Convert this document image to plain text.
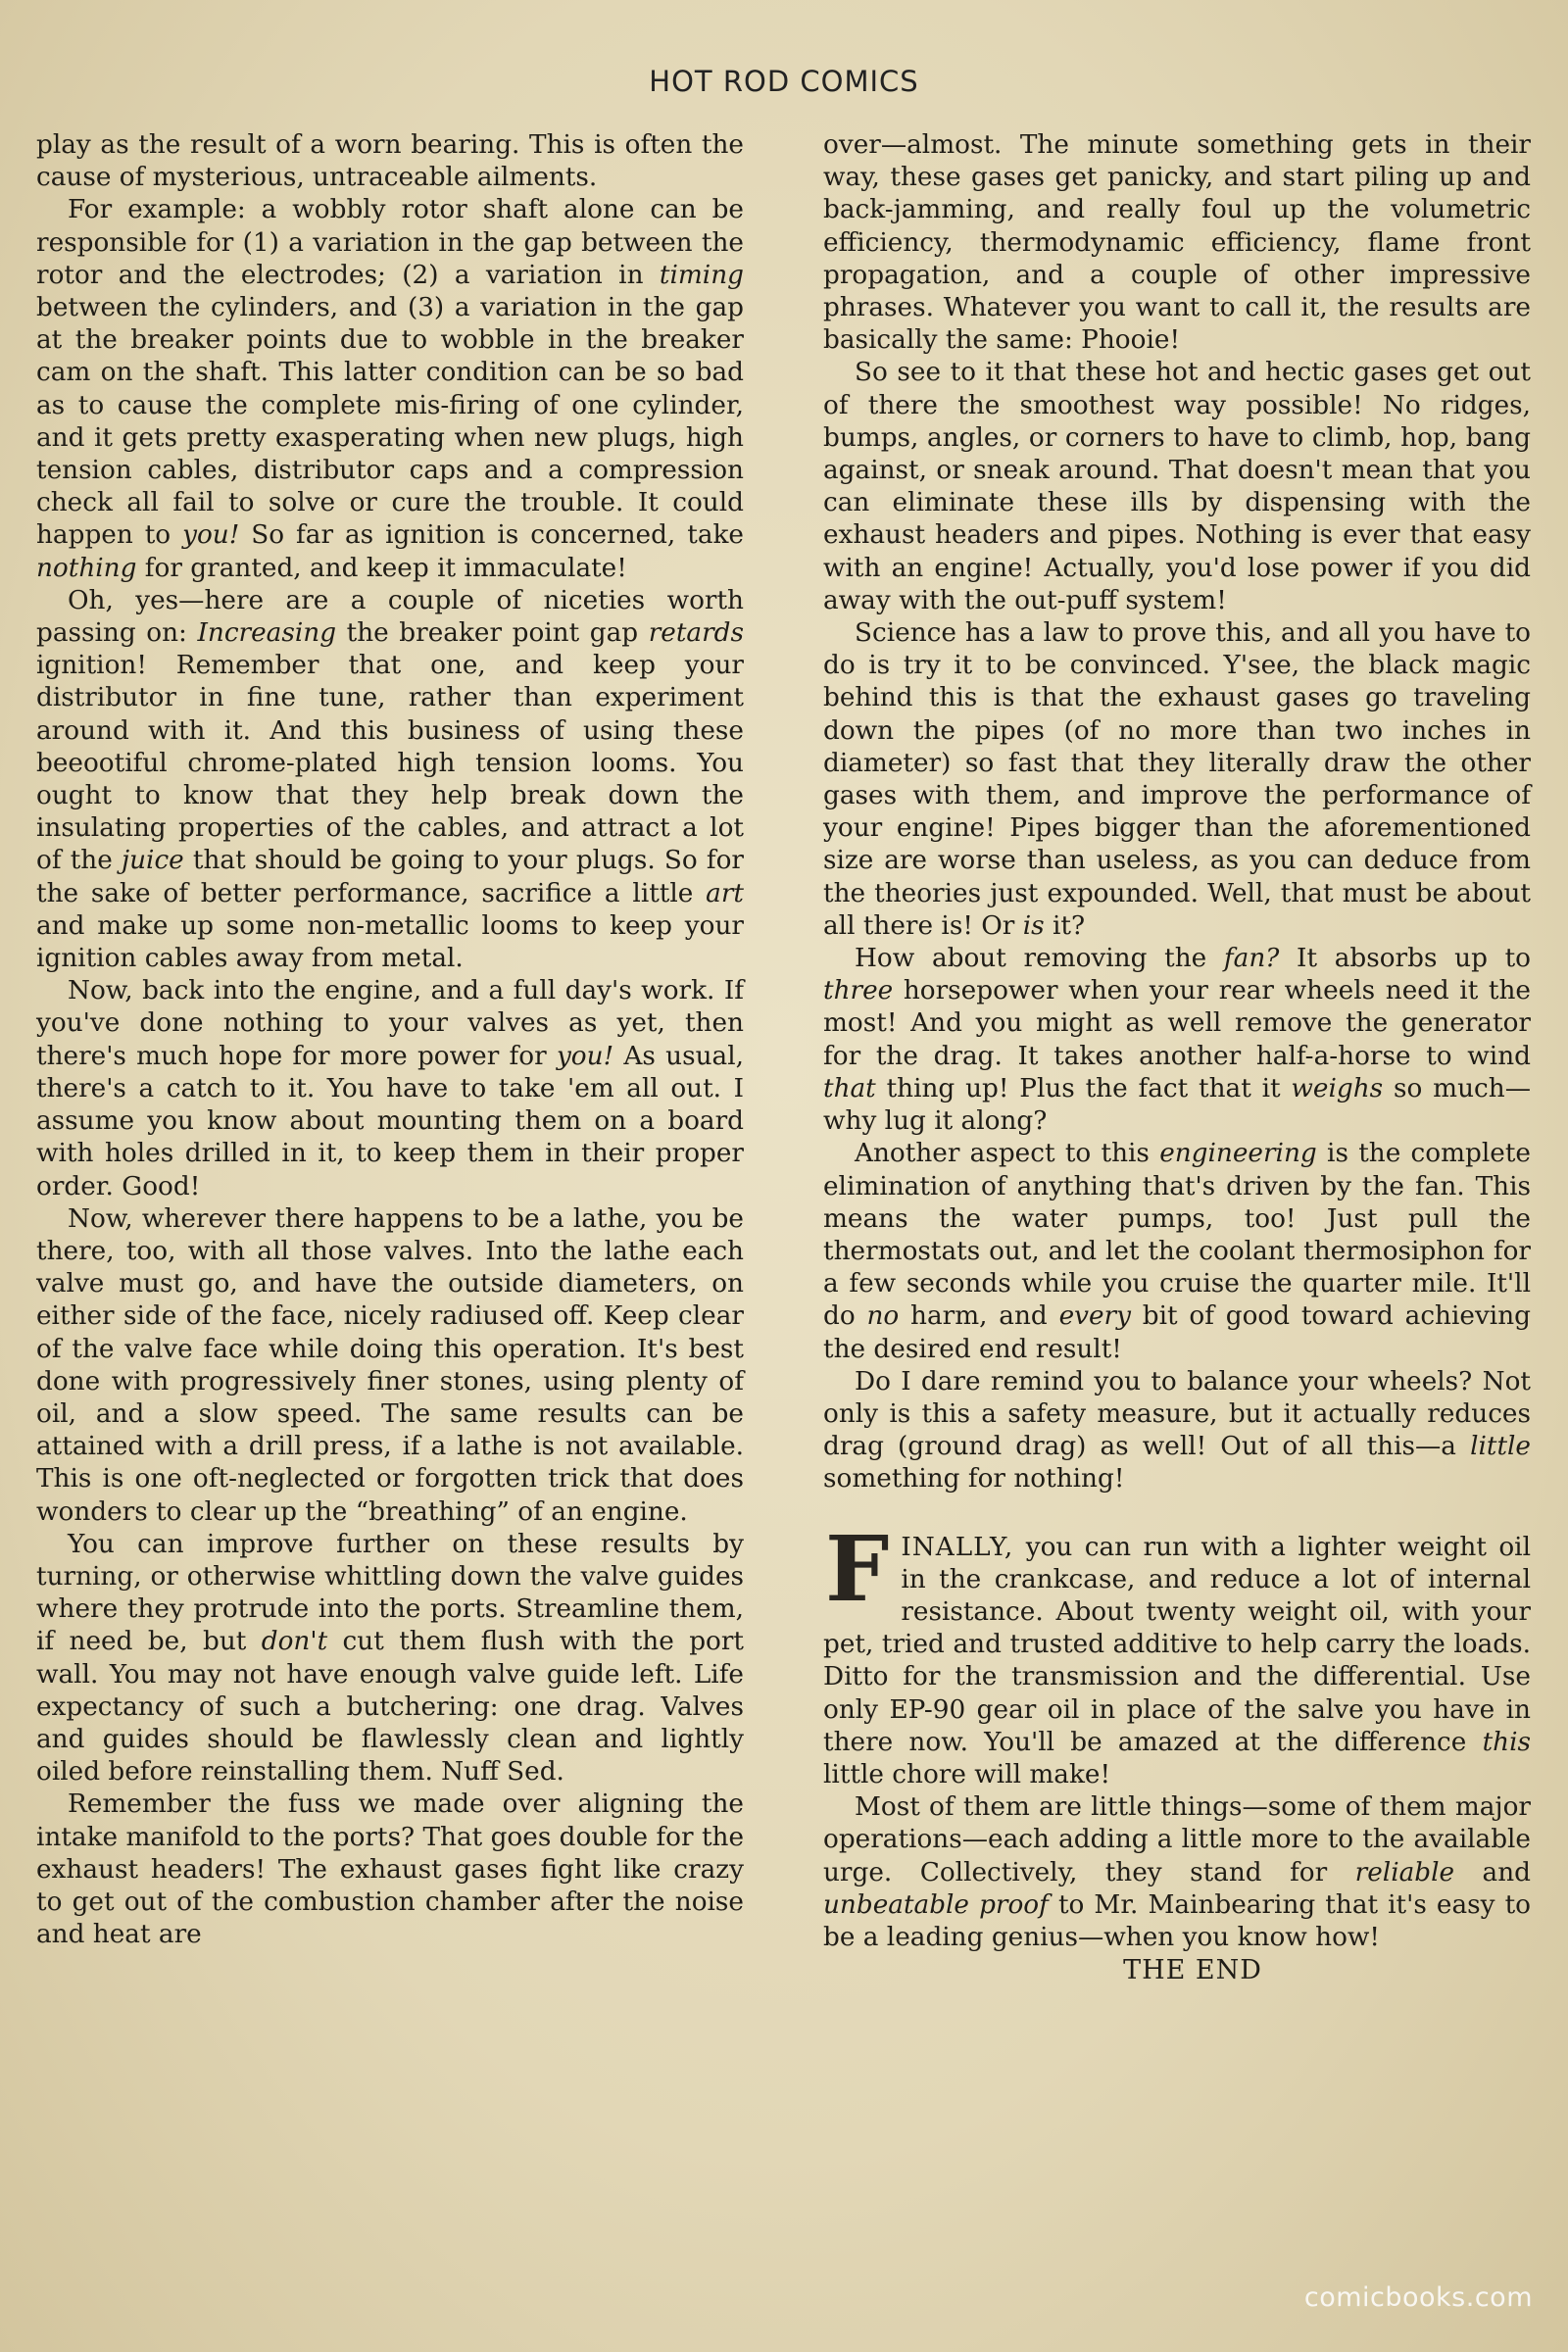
HOT ROD COMICS

play as the result of a worn bearing. This is often the cause of mysterious, untraceable ailments.

For example: a wobbly rotor shaft alone can be responsible for (1) a variation in the gap between the rotor and the electrodes; (2) a variation in timing between the cylinders, and (3) a variation in the gap at the breaker points due to wobble in the breaker cam on the shaft. This latter condition can be so bad as to cause the complete mis-firing of one cylinder, and it gets pretty exasperating when new plugs, high tension cables, distributor caps and a compression check all fail to solve or cure the trouble. It could happen to you! So far as ignition is concerned, take nothing for granted, and keep it immaculate!

Oh, yes—here are a couple of niceties worth passing on: Increasing the breaker point gap retards ignition! Remember that one, and keep your distributor in fine tune, rather than experiment around with it. And this business of using these beeootiful chrome-plated high tension looms. You ought to know that they help break down the insulating properties of the cables, and attract a lot of the juice that should be going to your plugs. So for the sake of better performance, sacrifice a little art and make up some non-metallic looms to keep your ignition cables away from metal.

Now, back into the engine, and a full day's work. If you've done nothing to your valves as yet, then there's much hope for more power for you! As usual, there's a catch to it. You have to take 'em all out. I assume you know about mounting them on a board with holes drilled in it, to keep them in their proper order. Good!

Now, wherever there happens to be a lathe, you be there, too, with all those valves. Into the lathe each valve must go, and have the outside diameters, on either side of the face, nicely radiused off. Keep clear of the valve face while doing this operation. It's best done with progressively finer stones, using plenty of oil, and a slow speed. The same results can be attained with a drill press, if a lathe is not available. This is one oft-neglected or forgotten trick that does wonders to clear up the “breathing” of an engine.

You can improve further on these results by turning, or otherwise whittling down the valve guides where they protrude into the ports. Streamline them, if need be, but don't cut them flush with the port wall. You may not have enough valve guide left. Life expectancy of such a butchering: one drag. Valves and guides should be flawlessly clean and lightly oiled before reinstalling them. Nuff Sed.

Remember the fuss we made over aligning the intake manifold to the ports? That goes double for the exhaust headers! The exhaust gases fight like crazy to get out of the combustion chamber after the noise and heat are

over—almost. The minute something gets in their way, these gases get panicky, and start piling up and back-jamming, and really foul up the volumetric efficiency, thermodynamic efficiency, flame front propagation, and a couple of other impressive phrases. Whatever you want to call it, the results are basically the same: Phooie!

So see to it that these hot and hectic gases get out of there the smoothest way possible! No ridges, bumps, angles, or corners to have to climb, hop, bang against, or sneak around. That doesn't mean that you can eliminate these ills by dispensing with the exhaust headers and pipes. Nothing is ever that easy with an engine! Actually, you'd lose power if you did away with the out-puff system!

Science has a law to prove this, and all you have to do is try it to be convinced. Y'see, the black magic behind this is that the exhaust gases go traveling down the pipes (of no more than two inches in diameter) so fast that they literally draw the other gases with them, and improve the performance of your engine! Pipes bigger than the aforementioned size are worse than useless, as you can deduce from the theories just expounded. Well, that must be about all there is! Or is it?

How about removing the fan? It absorbs up to three horsepower when your rear wheels need it the most! And you might as well remove the generator for the drag. It takes another half-a-horse to wind that thing up! Plus the fact that it weighs so much—why lug it along?

Another aspect to this engineering is the complete elimination of anything that's driven by the fan. This means the water pumps, too! Just pull the thermostats out, and let the coolant thermosiphon for a few seconds while you cruise the quarter mile. It'll do no harm, and every bit of good toward achieving the desired end result!

Do I dare remind you to balance your wheels? Not only is this a safety measure, but it actually reduces drag (ground drag) as well! Out of all this—a little something for nothing!

FINALLY, you can run with a lighter weight oil in the crankcase, and reduce a lot of internal resistance. About twenty weight oil, with your pet, tried and trusted additive to help carry the loads. Ditto for the transmission and the differential. Use only EP-90 gear oil in place of the salve you have in there now. You'll be amazed at the difference this little chore will make!

Most of them are little things—some of them major operations—each adding a little more to the available urge. Collectively, they stand for reliable and unbeatable proof to Mr. Mainbearing that it's easy to be a leading genius—when you know how!

THE END

comicbooks.com
